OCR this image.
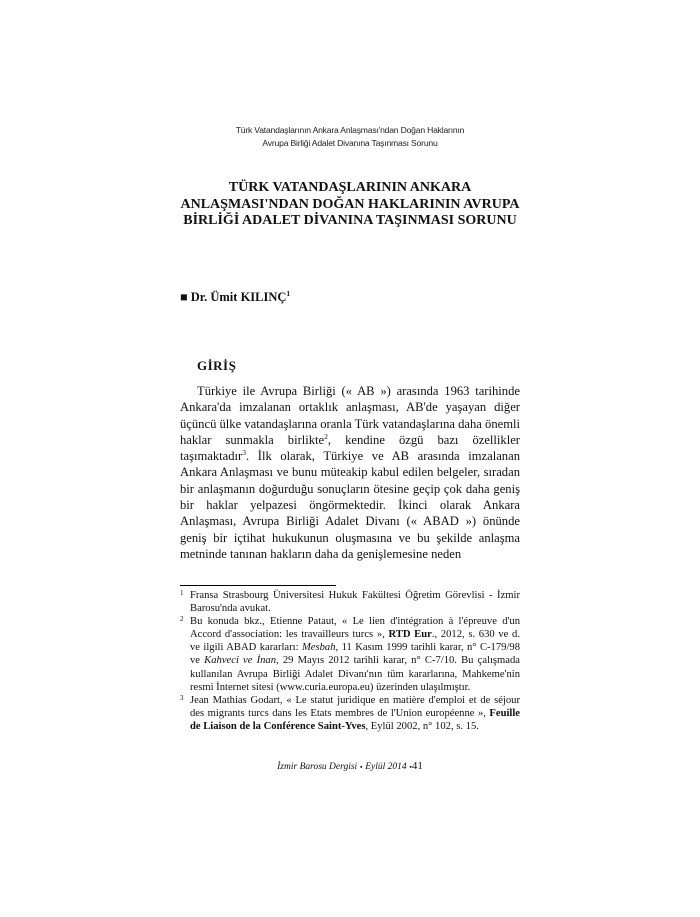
Türk Vatandaşlarının Ankara Anlaşması'ndan Doğan Haklarının
Avrupa Birliği Adalet Divanına Taşınması Sorunu
TÜRK VATANDAŞLARININ ANKARA
ANLAŞMASI'NDAN DOĞAN HAKLARININ AVRUPA
BİRLİĞİ ADALET DİVANINA TAŞINMASI SORUNU
■ Dr. Ümit KILINÇ$^1$
GİRİŞ
Türkiye ile Avrupa Birliği (« AB ») arasında 1963 tarihinde Ankara'da imzalanan ortaklık anlaşması, AB'de yaşayan diğer üçüncü ülke vatandaşlarına oranla Türk vatandaşlarına daha önemli haklar sunmakla birlikte$^2$, kendine özgü bazı özellikler taşımaktadır$^3$. İlk olarak, Türkiye ve AB arasında imzalanan Ankara Anlaşması ve bunu müteakip kabul edilen belgeler, sıradan bir anlaşmanın doğurduğu sonuçların ötesine geçip çok daha geniş bir haklar yelpazesi öngörmektedir. İkinci olarak Ankara Anlaşması, Avrupa Birliği Adalet Divanı (« ABAD ») önünde geniş bir içtihat hukukunun oluşmasına ve bu şekilde anlaşma metninde tanınan hakların daha da genişlemesine neden
1 Fransa Strasbourg Üniversitesi Hukuk Fakültesi Öğretim Görevlisi - İzmir Barosu'nda avukat.
2 Bu konuda bkz., Etienne Pataut, « Le lien d'intégration à l'épreuve d'un Accord d'association: les travailleurs turcs », RTD Eur., 2012, s. 630 ve d. ve ilgili ABAD kararları: Mesbah, 11 Kasım 1999 tarihli karar, n° C-179/98 ve Kahveci ve İnan, 29 Mayıs 2012 tarihli karar, n° C-7/10. Bu çalışmada kullanılan Avrupa Birliği Adalet Divanı'nın tüm kararlarına, Mahkeme'nin resmi İnternet sitesi (www.curia.europa.eu) üzerinden ulaşılmıştır.
3 Jean Mathias Godart, « Le statut juridique en matière d'emploi et de séjour des migrants turcs dans les Etats membres de l'Union européenne », Feuille de Liaison de la Conférence Saint-Yves, Eylül 2002, n° 102, s. 15.
İzmir Barosu Dergisi ▪ Eylül 2014 ▪41
